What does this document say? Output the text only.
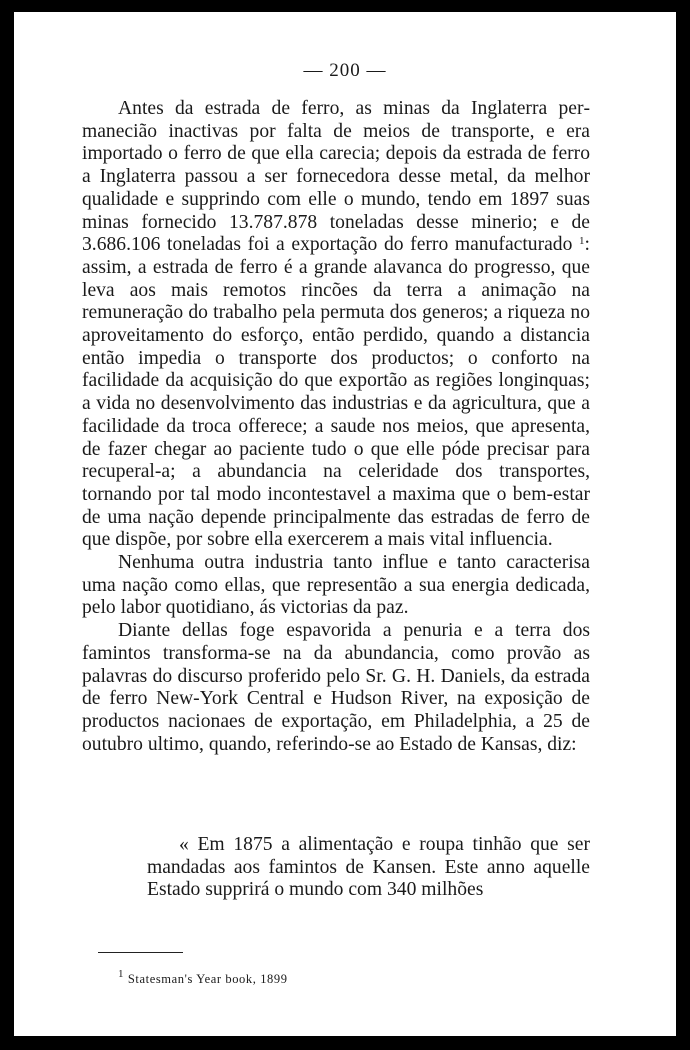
— 200 —

Antes da estrada de ferro, as minas da Inglaterra permanecião inactivas por falta de meios de transporte, e era importado o ferro de que ella carecia; depois da estrada de ferro a Inglaterra passou a ser fornecedora desse metal, da melhor qualidade e supprindo com elle o mundo, tendo em 1897 suas minas fornecido 13.787.878 toneladas desse minerio; e de 3.686.106 toneladas foi a exportação do ferro manufacturado $^1$: assim, a estrada de ferro é a grande alavanca do progresso, que leva aos mais remotos rincões da terra a animação na remuneração do trabalho pela permuta dos generos; a riqueza no aproveitamento do esforço, então perdido, quando a distancia então impedia o transporte dos productos; o conforto na facilidade da acquisição do que exportão as regiões longinquas; a vida no desenvolvimento das industrias e da agricultura, que a facilidade da troca offerece; a saude nos meios, que apresenta, de fazer chegar ao paciente tudo o que elle póde precisar para recuperal-a; a abundancia na celeridade dos transportes, tornando por tal modo incontestavel a maxima que o bem-estar de uma nação depende principalmente das estradas de ferro de que dispõe, por sobre ella exercerem a mais vital influencia.

Nenhuma outra industria tanto influe e tanto caracterisa uma nação como ellas, que representão a sua energia dedicada, pelo labor quotidiano, ás victorias da paz.

Diante dellas foge espavorida a penuria e a terra dos famintos transforma-se na da abundancia, como provão as palavras do discurso proferido pelo Sr. G. H. Daniels, da estrada de ferro New-York Central e Hudson River, na exposição de productos nacionaes de exportação, em Philadelphia, a 25 de outubro ultimo, quando, referindo-se ao Estado de Kansas, diz:

« Em 1875 a alimentação e roupa tinhão que ser mandadas aos famintos de Kansen. Este anno aquelle Estado supprirá o mundo com 340 milhões

$^1$ Statesman's Year book, 1899
